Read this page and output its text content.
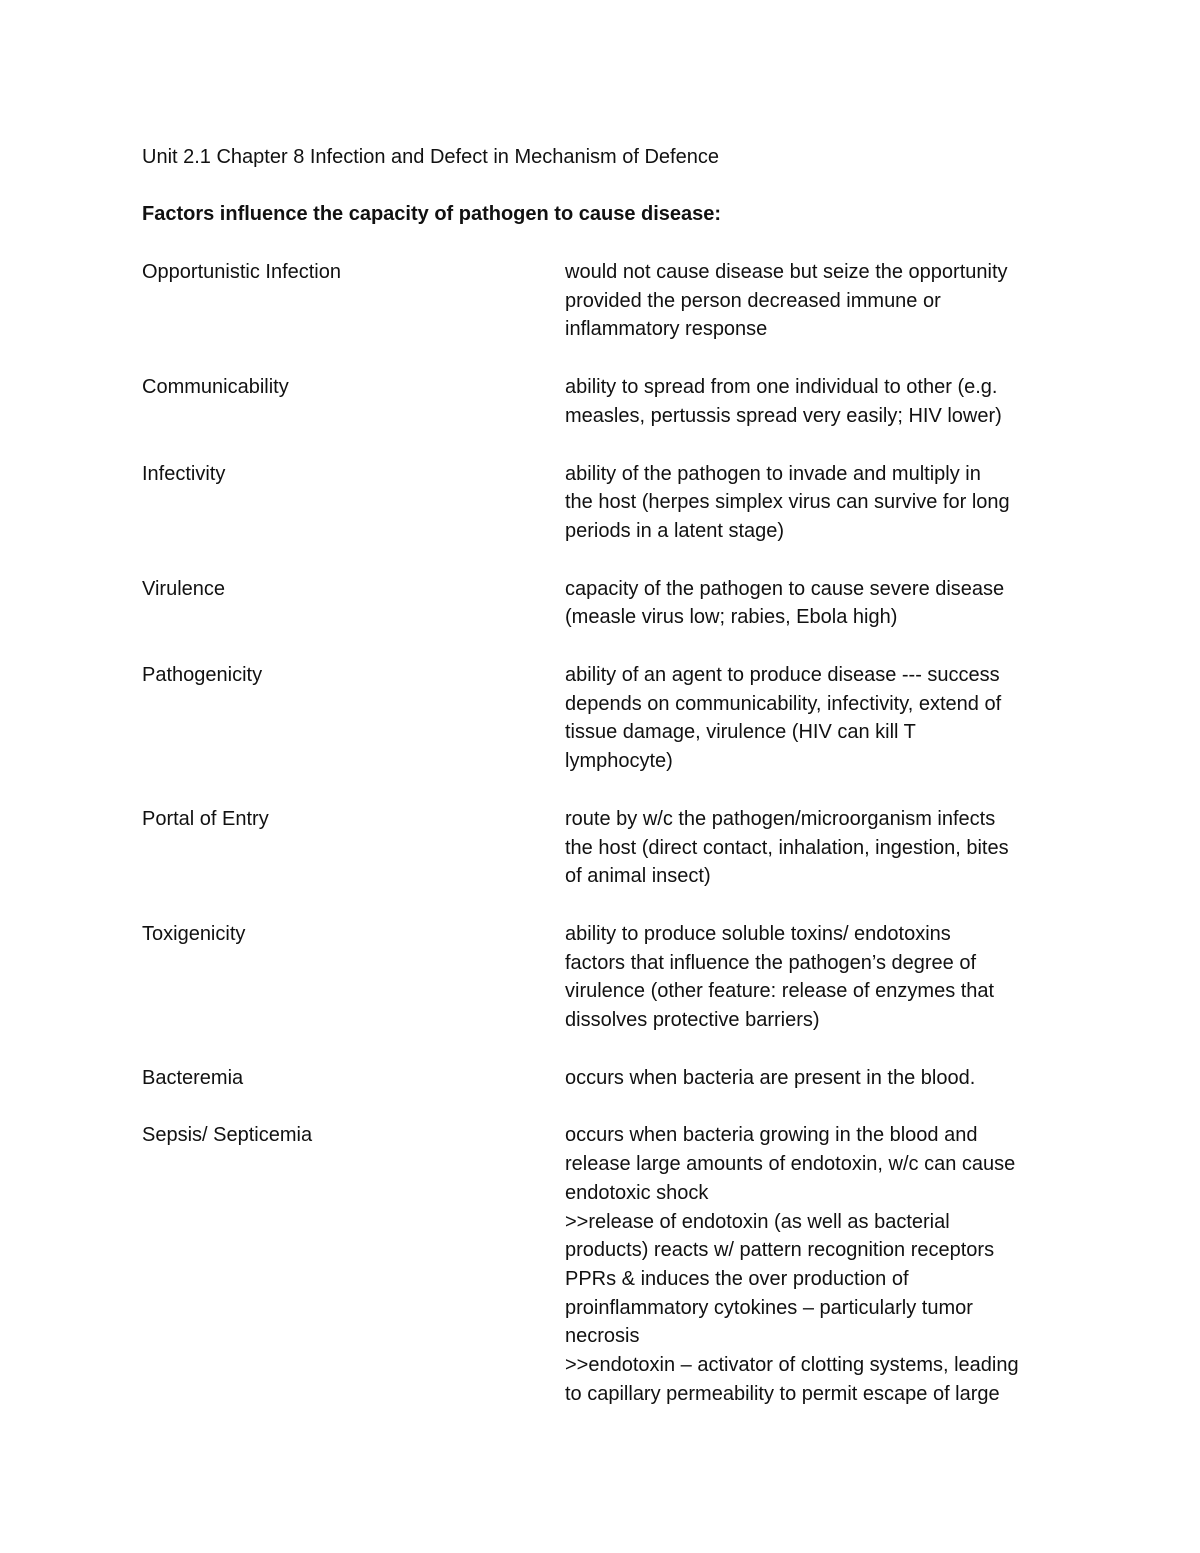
Unit 2.1 Chapter 8 Infection and Defect in Mechanism of Defence
Factors influence the capacity of pathogen to cause disease:
Opportunistic Infection	would not cause disease but seize the opportunity
provided the person decreased immune or
inflammatory response
Communicability	ability to spread from one individual to other (e.g.
measles, pertussis spread very easily; HIV lower)
Infectivity	ability of the pathogen to invade and multiply in
the host (herpes simplex virus can survive for long
periods in a latent stage)
Virulence	capacity of the pathogen to cause severe disease
(measle virus low; rabies, Ebola high)
Pathogenicity	ability of an agent to produce disease --- success
depends on communicability, infectivity, extend of
tissue damage, virulence (HIV can kill T
lymphocyte)
Portal of Entry	route by w/c the pathogen/microorganism infects
the host (direct contact, inhalation, ingestion, bites
of animal insect)
Toxigenicity	ability to produce soluble toxins/ endotoxins
factors that influence the pathogen’s degree of
virulence (other feature: release of enzymes that
dissolves protective barriers)
Bacteremia	occurs when bacteria are present in the blood.
Sepsis/ Septicemia	occurs when bacteria growing in the blood and
release large amounts of endotoxin, w/c can cause
endotoxic shock
>>release of endotoxin (as well as bacterial
products) reacts w/ pattern recognition receptors
PPRs & induces the over production of
proinflammatory cytokines – particularly tumor
necrosis
>>endotoxin – activator of clotting systems, leading
to capillary permeability to permit escape of large
